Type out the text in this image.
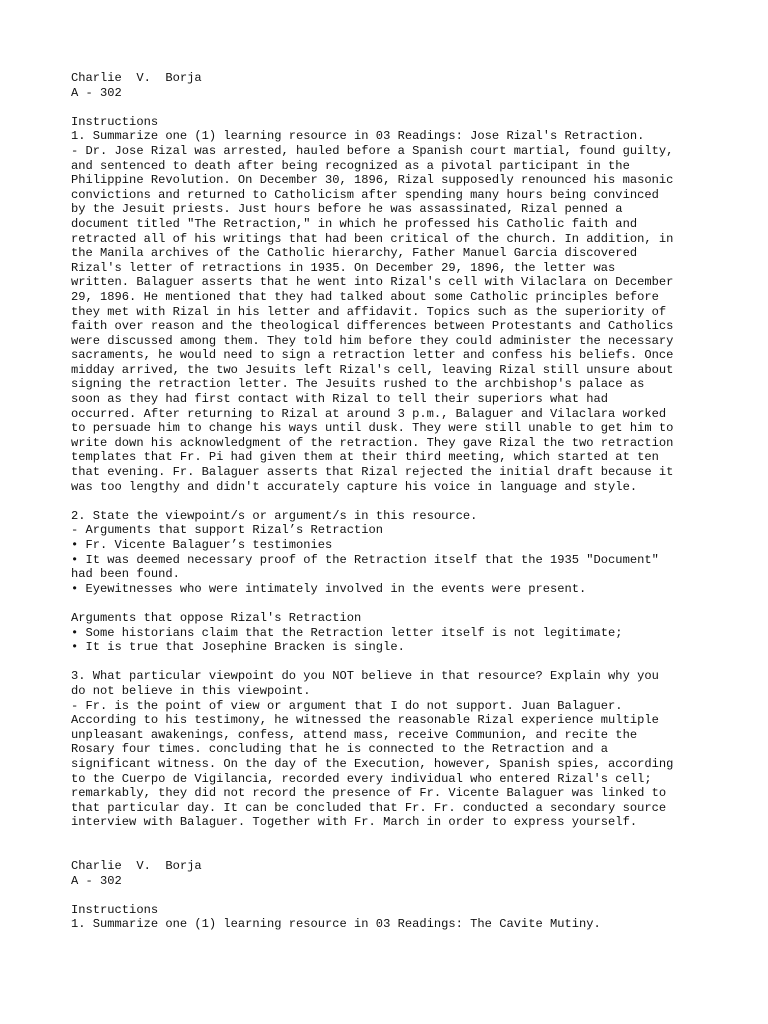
Charlie  V.  Borja
A - 302
Instructions
1. Summarize one (1) learning resource in 03 Readings: Jose Rizal's Retraction.
- Dr. Jose Rizal was arrested, hauled before a Spanish court martial, found guilty,
and sentenced to death after being recognized as a pivotal participant in the
Philippine Revolution. On December 30, 1896, Rizal supposedly renounced his masonic
convictions and returned to Catholicism after spending many hours being convinced
by the Jesuit priests. Just hours before he was assassinated, Rizal penned a
document titled "The Retraction," in which he professed his Catholic faith and
retracted all of his writings that had been critical of the church. In addition, in
the Manila archives of the Catholic hierarchy, Father Manuel Garcia discovered
Rizal's letter of retractions in 1935. On December 29, 1896, the letter was
written. Balaguer asserts that he went into Rizal's cell with Vilaclara on December
29, 1896. He mentioned that they had talked about some Catholic principles before
they met with Rizal in his letter and affidavit. Topics such as the superiority of
faith over reason and the theological differences between Protestants and Catholics
were discussed among them. They told him before they could administer the necessary
sacraments, he would need to sign a retraction letter and confess his beliefs. Once
midday arrived, the two Jesuits left Rizal's cell, leaving Rizal still unsure about
signing the retraction letter. The Jesuits rushed to the archbishop's palace as
soon as they had first contact with Rizal to tell their superiors what had
occurred. After returning to Rizal at around 3 p.m., Balaguer and Vilaclara worked
to persuade him to change his ways until dusk. They were still unable to get him to
write down his acknowledgment of the retraction. They gave Rizal the two retraction
templates that Fr. Pi had given them at their third meeting, which started at ten
that evening. Fr. Balaguer asserts that Rizal rejected the initial draft because it
was too lengthy and didn't accurately capture his voice in language and style.
2. State the viewpoint/s or argument/s in this resource.
- Arguments that support Rizal’s Retraction
• Fr. Vicente Balaguer’s testimonies
• It was deemed necessary proof of the Retraction itself that the 1935 "Document"
had been found.
• Eyewitnesses who were intimately involved in the events were present.
Arguments that oppose Rizal's Retraction
• Some historians claim that the Retraction letter itself is not legitimate;
• It is true that Josephine Bracken is single.
3. What particular viewpoint do you NOT believe in that resource? Explain why you
do not believe in this viewpoint.
- Fr. is the point of view or argument that I do not support. Juan Balaguer.
According to his testimony, he witnessed the reasonable Rizal experience multiple
unpleasant awakenings, confess, attend mass, receive Communion, and recite the
Rosary four times. concluding that he is connected to the Retraction and a
significant witness. On the day of the Execution, however, Spanish spies, according
to the Cuerpo de Vigilancia, recorded every individual who entered Rizal's cell;
remarkably, they did not record the presence of Fr. Vicente Balaguer was linked to
that particular day. It can be concluded that Fr. Fr. conducted a secondary source
interview with Balaguer. Together with Fr. March in order to express yourself.
Charlie  V.  Borja
A - 302
Instructions
1. Summarize one (1) learning resource in 03 Readings: The Cavite Mutiny.
